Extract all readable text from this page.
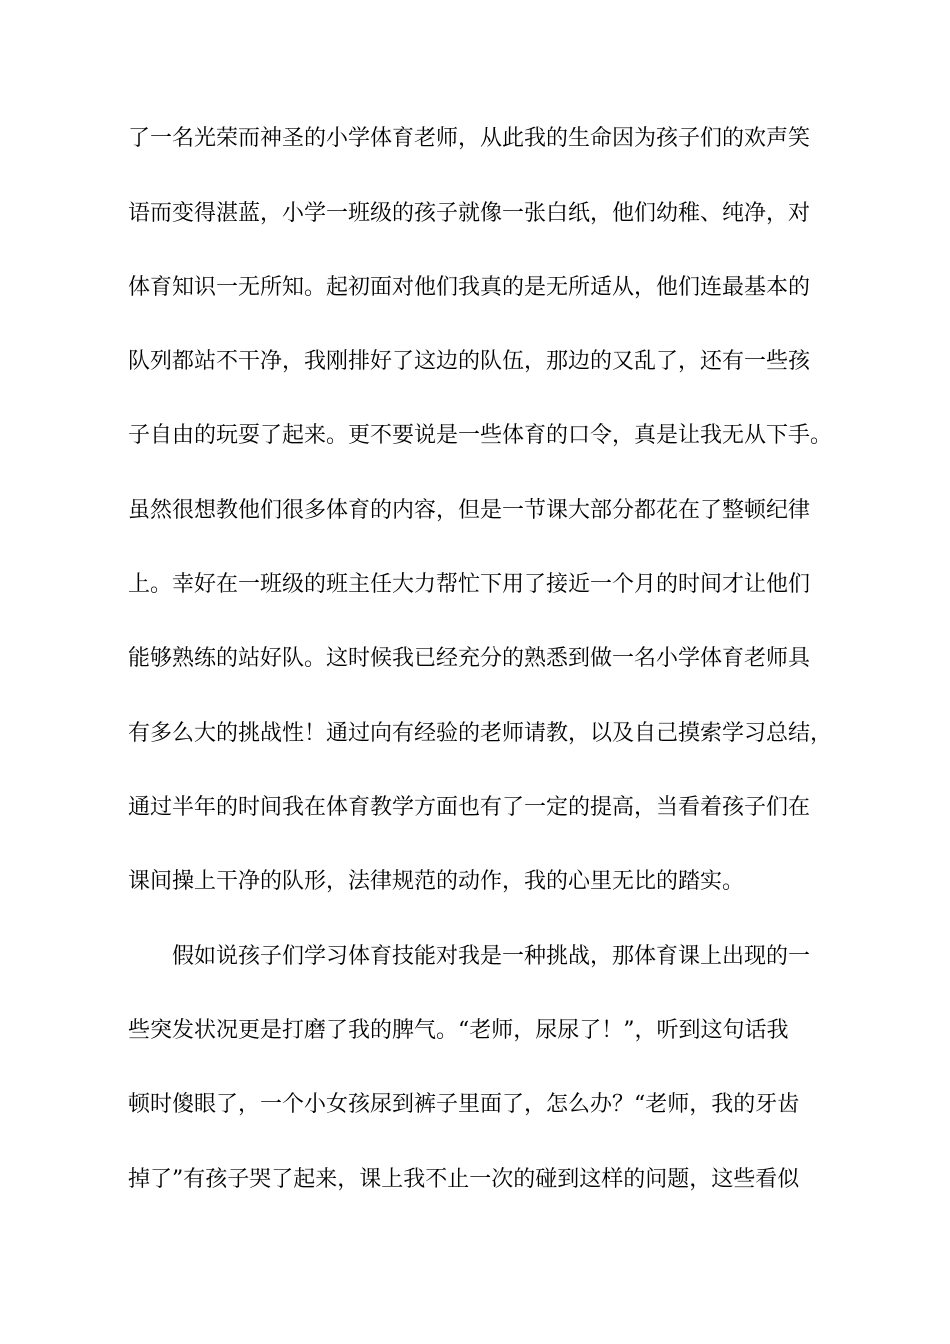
了一名光荣而神圣的小学体育老师，从此我的生命因为孩子们的欢声笑
语而变得湛蓝，小学一班级的孩子就像一张白纸，他们幼稚、纯净，对
体育知识一无所知。起初面对他们我真的是无所适从，他们连最基本的
队列都站不干净，我刚排好了这边的队伍，那边的又乱了，还有一些孩
子自由的玩耍了起来。更不要说是一些体育的口令，真是让我无从下手。
虽然很想教他们很多体育的内容，但是一节课大部分都花在了整顿纪律
上。幸好在一班级的班主任大力帮忙下用了接近一个月的时间才让他们
能够熟练的站好队。这时候我已经充分的熟悉到做一名小学体育老师具
有多么大的挑战性！通过向有经验的老师请教，以及自己摸索学习总结，
通过半年的时间我在体育教学方面也有了一定的提高，当看着孩子们在
课间操上干净的队形，法律规范的动作，我的心里无比的踏实。
假如说孩子们学习体育技能对我是一种挑战，那体育课上出现的一
些突发状况更是打磨了我的脾气。“老师，尿尿了！”，听到这句话我
顿时傻眼了，一个小女孩尿到裤子里面了，怎么办？“老师，我的牙齿
掉了”有孩子哭了起来，课上我不止一次的碰到这样的问题，这些看似
